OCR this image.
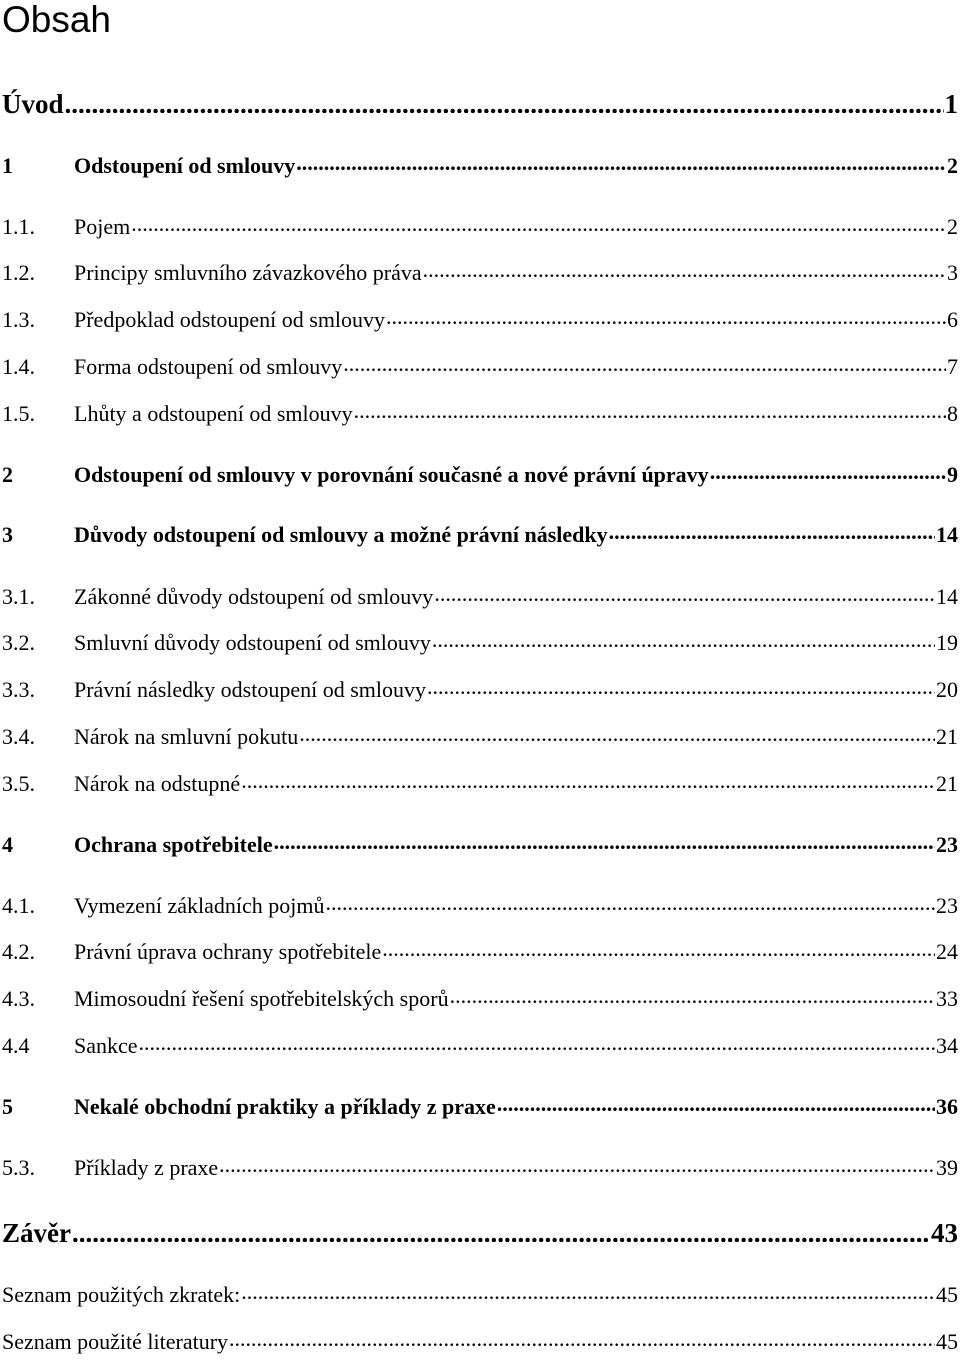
Obsah
Úvod .....	1
1	Odstoupení od smlouvy .....	2
1.1.	Pojem .....	2
1.2.	Principy smluvního závazkového práva .....	3
1.3.	Předpoklad odstoupení od smlouvy .....	6
1.4.	Forma odstoupení od smlouvy .....	7
1.5.	Lhůty a odstoupení od smlouvy .....	8
2	Odstoupení od smlouvy v porovnání současné a nové právní úpravy .....	9
3	Důvody odstoupení od smlouvy a možné právní následky .....	14
3.1.	Zákonné důvody odstoupení od smlouvy .....	14
3.2.	Smluvní důvody odstoupení od smlouvy .....	19
3.3.	Právní následky odstoupení od smlouvy .....	20
3.4.	Nárok na smluvní pokutu .....	21
3.5.	Nárok na odstupné .....	21
4	Ochrana spotřebitele .....	23
4.1.	Vymezení základních pojmů .....	23
4.2.	Právní úprava ochrany spotřebitele .....	24
4.3.	Mimosoudní řešení spotřebitelských sporů .....	33
4.4	Sankce .....	34
5	Nekalé obchodní praktiky a příklady z praxe .....	36
5.3.	Příklady z praxe .....	39
Závěr .....	43
Seznam použitých zkratek: .....	45
Seznam použité literatury .....	45
